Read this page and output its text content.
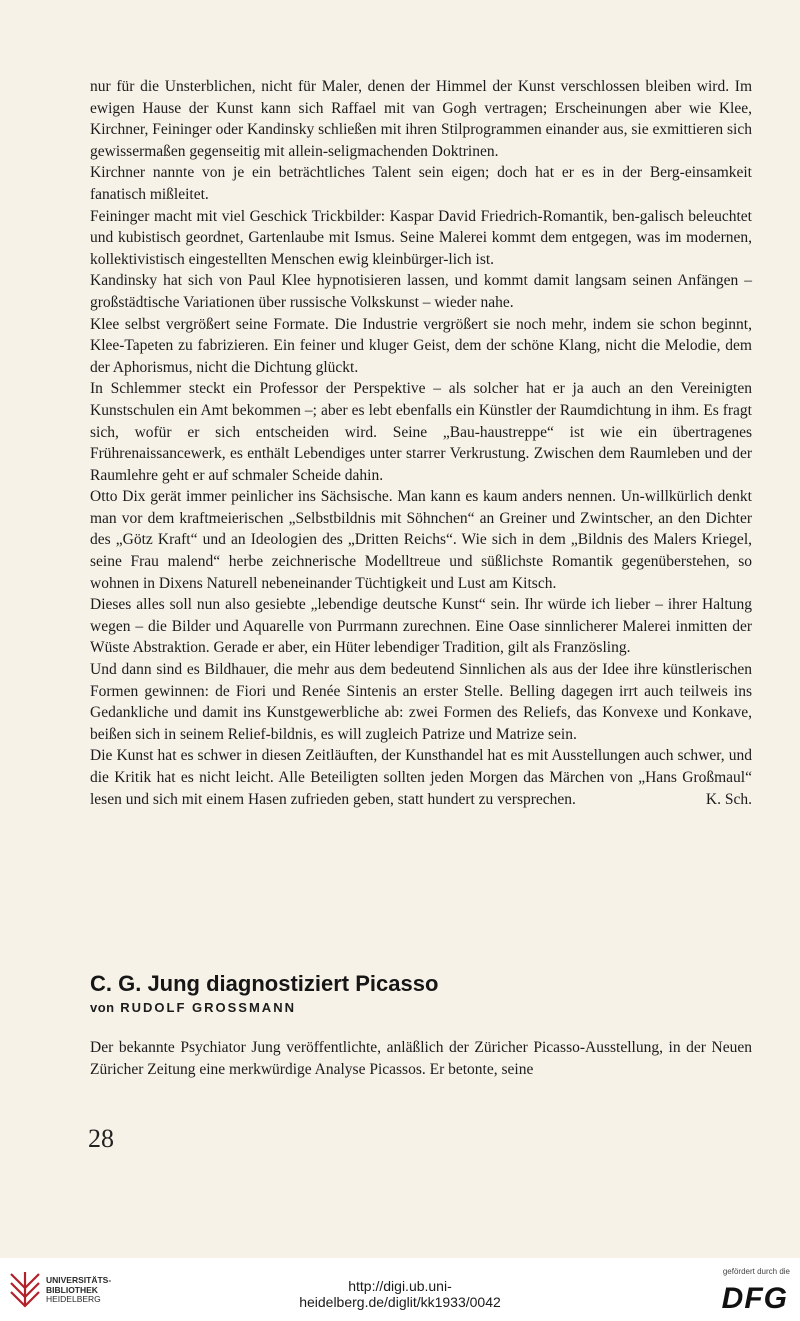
nur für die Unsterblichen, nicht für Maler, denen der Himmel der Kunst verschlossen bleiben wird. Im ewigen Hause der Kunst kann sich Raffael mit van Gogh vertragen; Erscheinungen aber wie Klee, Kirchner, Feininger oder Kandinsky schließen mit ihren Stilprogrammen einander aus, sie exmittieren sich gewissermaßen gegenseitig mit allein-seligmachenden Doktrinen.

Kirchner nannte von je ein beträchtliches Talent sein eigen; doch hat er es in der Berg-einsamkeit fanatisch mißleitet.

Feininger macht mit viel Geschick Trickbilder: Kaspar David Friedrich-Romantik, ben-galisch beleuchtet und kubistisch geordnet, Gartenlaube mit Ismus. Seine Malerei kommt dem entgegen, was im modernen, kollektivistisch eingestellten Menschen ewig kleinbürger-lich ist.

Kandinsky hat sich von Paul Klee hypnotisieren lassen, und kommt damit langsam seinen Anfängen – großstädtische Variationen über russische Volkskunst – wieder nahe.

Klee selbst vergrößert seine Formate. Die Industrie vergrößert sie noch mehr, indem sie schon beginnt, Klee-Tapeten zu fabrizieren. Ein feiner und kluger Geist, dem der schöne Klang, nicht die Melodie, dem der Aphorismus, nicht die Dichtung glückt.

In Schlemmer steckt ein Professor der Perspektive – als solcher hat er ja auch an den Vereinigten Kunstschulen ein Amt bekommen –; aber es lebt ebenfalls ein Künstler der Raumdichtung in ihm. Es fragt sich, wofür er sich entscheiden wird. Seine „Bau-haustreppe“ ist wie ein übertragenes Frührenaissancewerk, es enthält Lebendiges unter starrer Verkrustung. Zwischen dem Raumleben und der Raumlehre geht er auf schmaler Scheide dahin.

Otto Dix gerät immer peinlicher ins Sächsische. Man kann es kaum anders nennen. Un-willkürlich denkt man vor dem kraftmeierischen „Selbstbildnis mit Söhnchen“ an Greiner und Zwintscher, an den Dichter des „Götz Kraft“ und an Ideologien des „Dritten Reichs“. Wie sich in dem „Bildnis des Malers Kriegel, seine Frau malend“ herbe zeichnerische Modelltreue und süßlichste Romantik gegenüberstehen, so wohnen in Dixens Naturell nebeneinander Tüchtigkeit und Lust am Kitsch.

Dieses alles soll nun also gesiebte „lebendige deutsche Kunst“ sein. Ihr würde ich lieber – ihrer Haltung wegen – die Bilder und Aquarelle von Purrmann zurechnen. Eine Oase sinnlicherer Malerei inmitten der Wüste Abstraktion. Gerade er aber, ein Hüter lebendiger Tradition, gilt als Französling.

Und dann sind es Bildhauer, die mehr aus dem bedeutend Sinnlichen als aus der Idee ihre künstlerischen Formen gewinnen: de Fiori und Renée Sintenis an erster Stelle. Belling dagegen irrt auch teilweis ins Gedankliche und damit ins Kunstgewerbliche ab: zwei Formen des Reliefs, das Konvexe und Konkave, beißen sich in seinem Relief-bildnis, es will zugleich Patrize und Matrize sein.

Die Kunst hat es schwer in diesen Zeitläuften, der Kunsthandel hat es mit Ausstellungen auch schwer, und die Kritik hat es nicht leicht. Alle Beteiligten sollten jeden Morgen das Märchen von „Hans Großmaul“ lesen und sich mit einem Hasen zufrieden geben, statt hundert zu versprechen.	K. Sch.

C. G. Jung diagnostiziert Picasso
von RUDOLF GROSSMANN

Der bekannte Psychiator Jung veröffentlichte, anläßlich der Züricher Picasso-Ausstellung, in der Neuen Züricher Zeitung eine merkwürdige Analyse Picassos. Er betonte, seine

28
UNIVERSITÄTS-
BIBLIOTHEK
HEIDELBERG
http://digi.ub.uni-heidelberg.de/diglit/kk1933/0042
gefördert durch die
DFG
